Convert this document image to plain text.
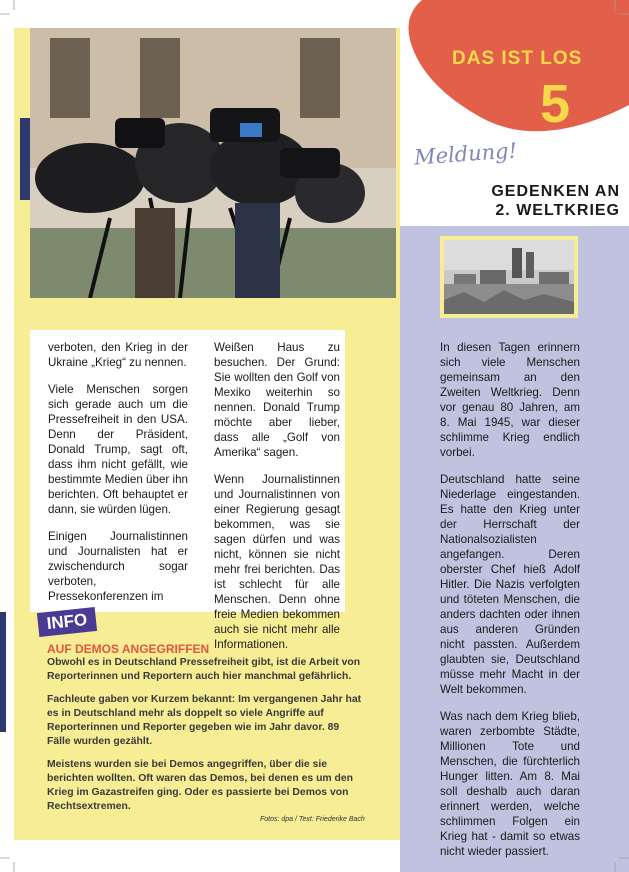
DAS IST LOS
5

verboten, den Krieg in der Ukraine „Krieg“ zu nennen.

Viele Menschen sorgen sich gerade auch um die Pressefreiheit in den USA. Denn der Präsident, Donald Trump, sagt oft, dass ihm nicht gefällt, wie bestimmte Medien über ihn berichten. Oft behauptet er dann, sie würden lügen.

Einigen Journalistinnen und Journalisten hat er zwischendurch sogar verboten, Pressekonferenzen im

Weißen Haus zu besuchen. Der Grund: Sie wollten den Golf von Mexiko weiterhin so nennen. Donald Trump möchte aber lieber, dass alle „Golf von Amerika“ sagen.

Wenn Journalistinnen und Journalistinnen von einer Regierung gesagt bekommen, was sie sagen dürfen und was nicht, können sie nicht mehr frei berichten. Das ist schlecht für alle Menschen. Denn ohne freie Medien bekommen auch sie nicht mehr alle Informationen.

INFO
AUF DEMOS ANGEGRIFFEN

Obwohl es in Deutschland Pressefreiheit gibt, ist die Arbeit von Reporterinnen und Reportern auch hier manchmal gefährlich.

Fachleute gaben vor Kurzem bekannt: Im vergangenen Jahr hat es in Deutschland mehr als doppelt so viele Angriffe auf Reporterinnen und Reporter gegeben wie im Jahr davor. 89 Fälle wurden gezählt.

Meistens wurden sie bei Demos angegriffen, über die sie berichten wollten. Oft waren das Demos, bei denen es um den Krieg im Gazastreifen ging. Oder es passierte bei Demos von Rechtsextremen.

Fotos: dpa / Text: Friederike Bach
Meldung!
GEDENKEN AN
2. WELTKRIEG

In diesen Tagen erinnern sich viele Menschen gemeinsam an den Zweiten Weltkrieg. Denn vor genau 80 Jahren, am 8. Mai 1945, war dieser schlimme Krieg endlich vorbei.

Deutschland hatte seine Niederlage eingestanden. Es hatte den Krieg unter der Herrschaft der Nationalsozialisten angefangen. Deren oberster Chef hieß Adolf Hitler. Die Nazis verfolgten und töteten Menschen, die anders dachten oder ihnen aus anderen Gründen nicht passten. Außerdem glaubten sie, Deutschland müsse mehr Macht in der Welt bekommen.

Was nach dem Krieg blieb, waren zerbombte Städte, Millionen Tote und Menschen, die fürchterlich Hunger litten. Am 8. Mai soll deshalb auch daran erinnert werden, welche schlimmen Folgen ein Krieg hat - damit so etwas nicht wieder passiert.
